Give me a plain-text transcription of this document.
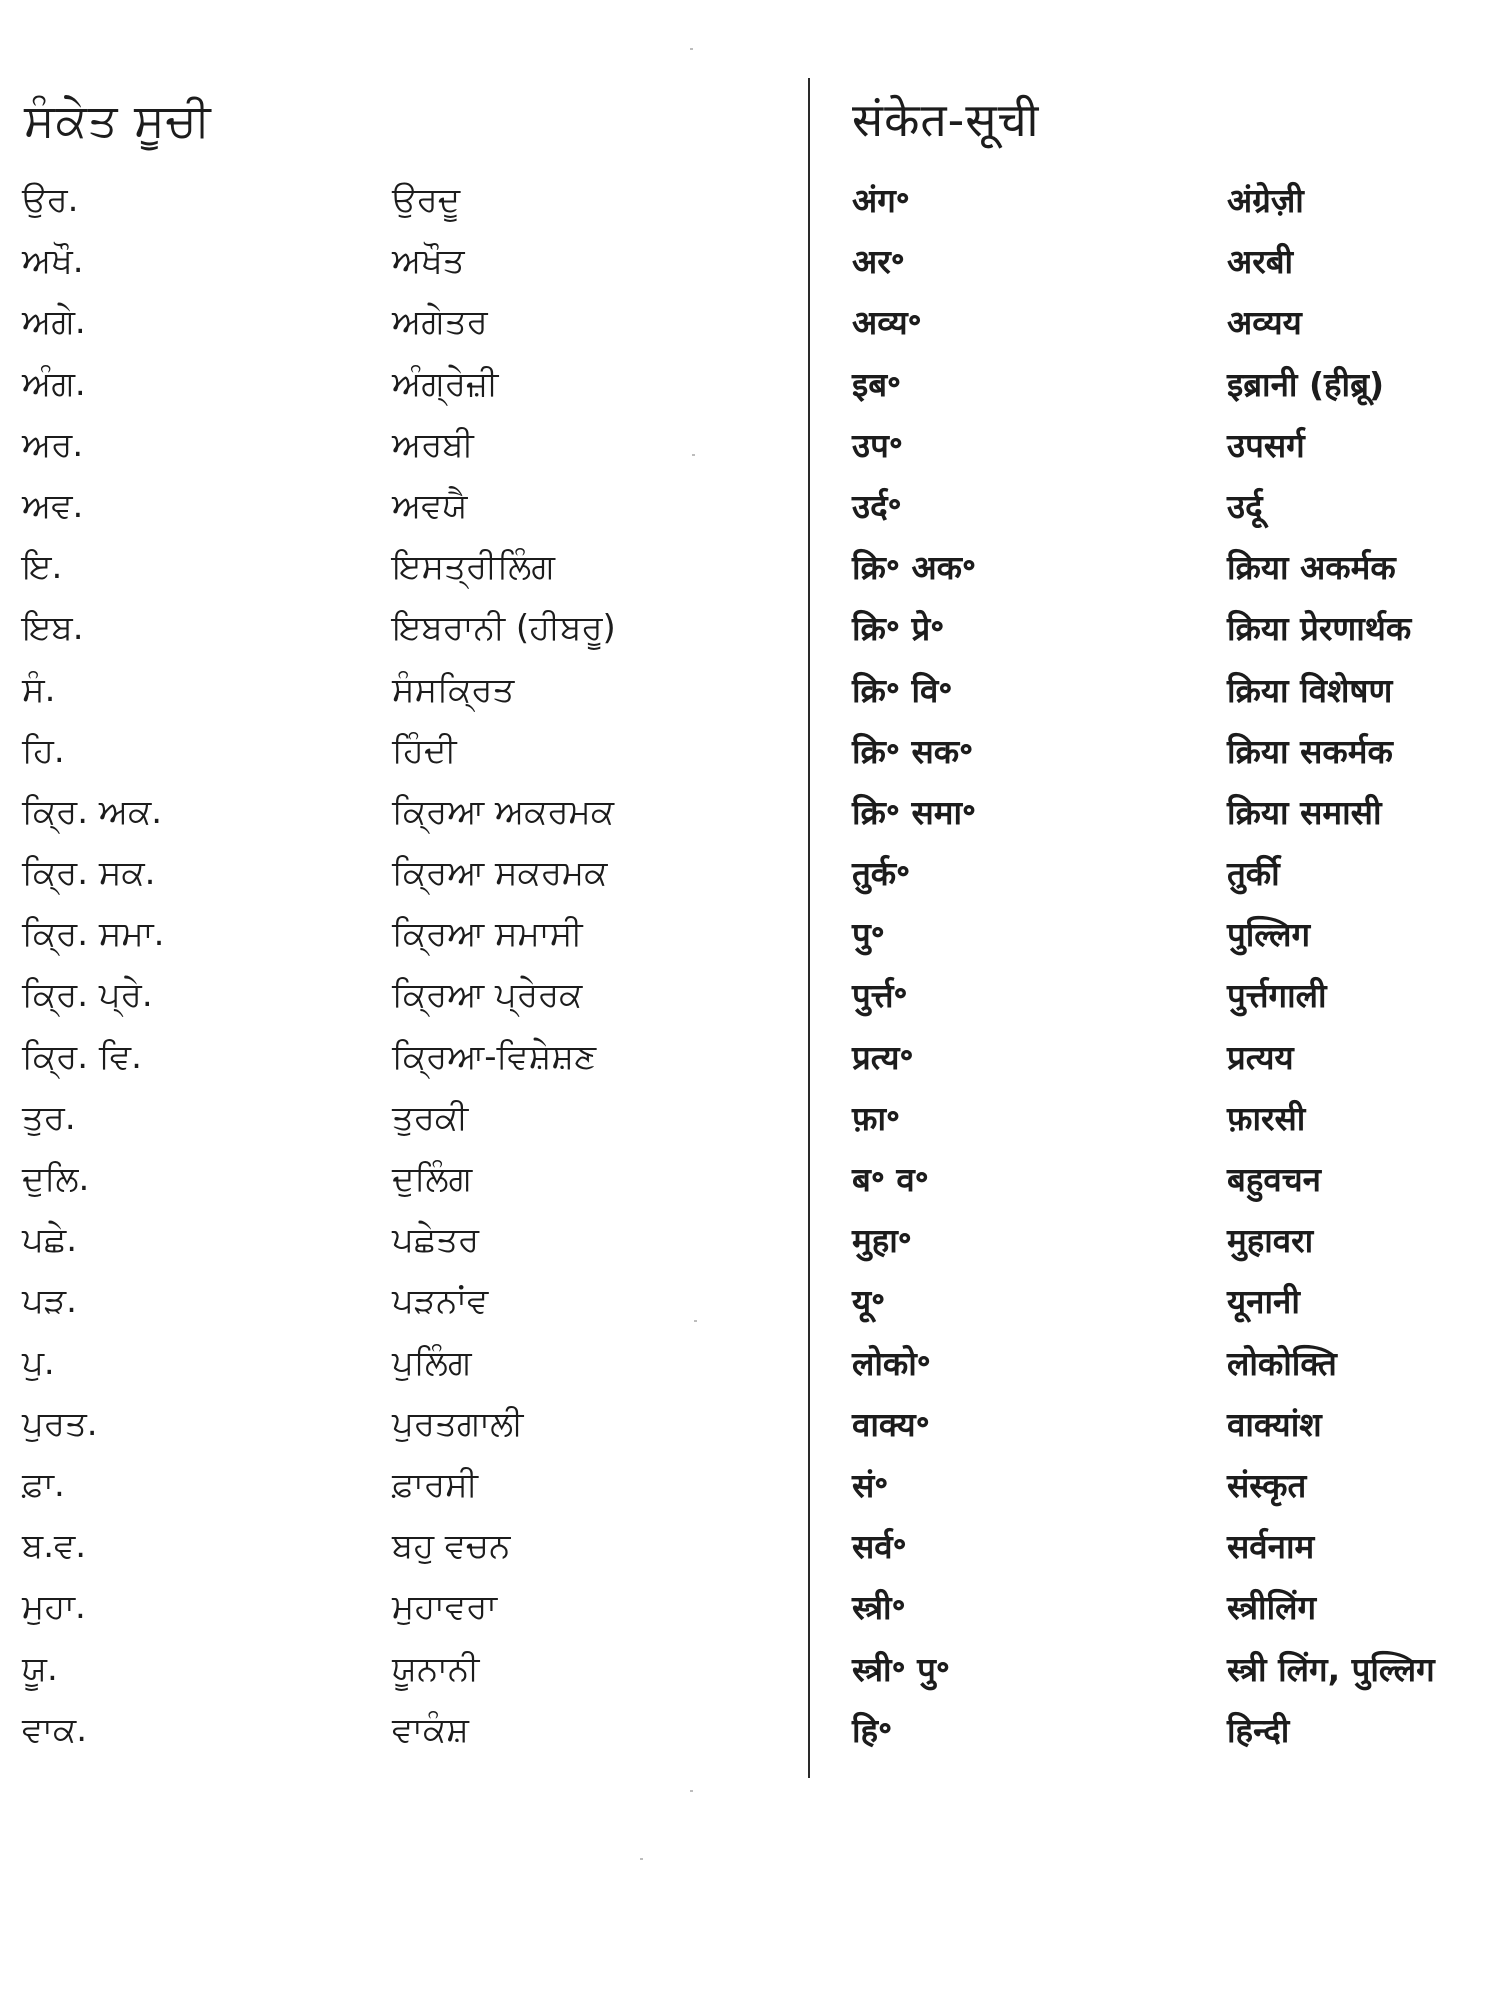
ਸੰਕੇਤ ਸੂਚੀ
ਉਰ.	ਉਰਦੂ
ਅਖੌ.	ਅਖੌਤ
ਅਗੇ.	ਅਗੇਤਰ
ਅੰਗ.	ਅੰਗ੍ਰੇਜ਼ੀ
ਅਰ.	ਅਰਬੀ
ਅਵ.	ਅਵਯੈ
ਇ.	ਇਸਤ੍ਰੀਲਿੰਗ
ਇਬ.	ਇਬਰਾਨੀ (ਹੀਬਰੂ)
ਸੰ.	ਸੰਸਕ੍ਰਿਤ
ਹਿ.	ਹਿੰਦੀ
ਕ੍ਰਿ. ਅਕ.	ਕ੍ਰਿਆ ਅਕਰਮਕ
ਕ੍ਰਿ. ਸਕ.	ਕ੍ਰਿਆ ਸਕਰਮਕ
ਕ੍ਰਿ. ਸਮਾ.	ਕ੍ਰਿਆ ਸਮਾਸੀ
ਕ੍ਰਿ. ਪ੍ਰੇ.	ਕ੍ਰਿਆ ਪ੍ਰੇਰਕ
ਕ੍ਰਿ. ਵਿ.	ਕ੍ਰਿਆ-ਵਿਸ਼ੇਸ਼ਣ
ਤੁਰ.	ਤੁਰਕੀ
ਦੁਲਿ.	ਦੁਲਿੰਗ
ਪਛੇ.	ਪਛੇਤਰ
ਪੜ.	ਪੜਨਾਂਵ
ਪੁ.	ਪੁਲਿੰਗ
ਪੁਰਤ.	ਪੁਰਤਗਾਲੀ
ਫ਼ਾ.	ਫ਼ਾਰਸੀ
ਬ.ਵ.	ਬਹੁ ਵਚਨ
ਮੁਹਾ.	ਮੁਹਾਵਰਾ
ਯੂ.	ਯੂਨਾਨੀ
ਵਾਕ.	ਵਾਕੰਸ਼
संकेत-सूची
अंग॰	अंग्रेज़ी
अर॰	अरबी
अव्य॰	अव्यय
इब॰	इब्रानी (हीब्रू)
उप॰	उपसर्ग
उर्द॰	उर्दू
क्रि॰ अक॰	क्रिया अकर्मक
क्रि॰ प्रे॰	क्रिया प्रेरणार्थक
क्रि॰ वि॰	क्रिया विशेषण
क्रि॰ सक॰	क्रिया सकर्मक
क्रि॰ समा॰	क्रिया समासी
तुर्क॰	तुर्की
पु॰	पुल्लिग
पुर्त्त॰	पुर्त्तगाली
प्रत्य॰	प्रत्यय
फ़ा॰	फ़ारसी
ब॰ व॰	बहुवचन
मुहा॰	मुहावरा
यू॰	यूनानी
लोको॰	लोकोक्ति
वाक्य॰	वाक्यांश
सं॰	संस्कृत
सर्व॰	सर्वनाम
स्त्री॰	स्त्रीलिंग
स्त्री॰ पु॰	स्त्री लिंग, पुल्लिग
हि॰	हिन्दी
